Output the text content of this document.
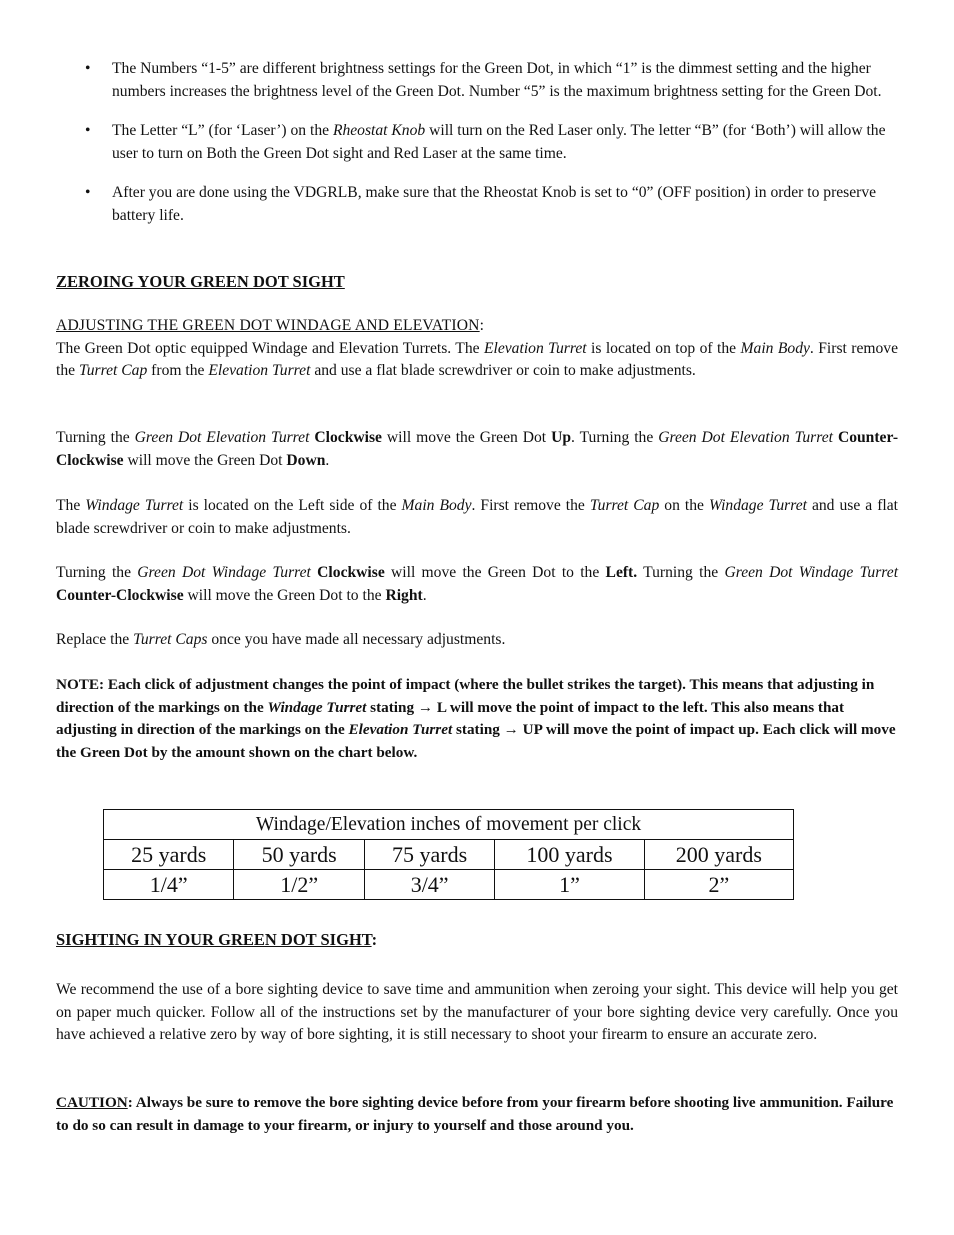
• The Numbers “1-5” are different brightness settings for the Green Dot, in which “1” is the dimmest setting and the higher numbers increases the brightness level of the Green Dot. Number “5” is the maximum brightness setting for the Green Dot.
• The Letter “L” (for ‘Laser’) on the Rheostat Knob will turn on the Red Laser only. The letter “B” (for ‘Both’) will allow the user to turn on Both the Green Dot sight and Red Laser at the same time.
• After you are done using the VDGRLB, make sure that the Rheostat Knob is set to “0” (OFF position) in order to preserve battery life.
ZEROING YOUR GREEN DOT SIGHT
ADJUSTING THE GREEN DOT WINDAGE AND ELEVATION:
The Green Dot optic equipped Windage and Elevation Turrets. The Elevation Turret is located on top of the Main Body. First remove the Turret Cap from the Elevation Turret and use a flat blade screwdriver or coin to make adjustments.
Turning the Green Dot Elevation Turret Clockwise will move the Green Dot Up. Turning the Green Dot Elevation Turret Counter-Clockwise will move the Green Dot Down.
The Windage Turret is located on the Left side of the Main Body. First remove the Turret Cap on the Windage Turret and use a flat blade screwdriver or coin to make adjustments.
Turning the Green Dot Windage Turret Clockwise will move the Green Dot to the Left. Turning the Green Dot Windage Turret Counter-Clockwise will move the Green Dot to the Right.
Replace the Turret Caps once you have made all necessary adjustments.
NOTE: Each click of adjustment changes the point of impact (where the bullet strikes the target). This means that adjusting in direction of the markings on the Windage Turret stating → L will move the point of impact to the left. This also means that adjusting in direction of the markings on the Elevation Turret stating → UP will move the point of impact up. Each click will move the Green Dot by the amount shown on the chart below.
Windage/Elevation inches of movement per click				
25 yards	50 yards	75 yards	100 yards	200 yards
1/4”	1/2”	3/4”	1”	2”
SIGHTING IN YOUR GREEN DOT SIGHT:
We recommend the use of a bore sighting device to save time and ammunition when zeroing your sight. This device will help you get on paper much quicker. Follow all of the instructions set by the manufacturer of your bore sighting device very carefully. Once you have achieved a relative zero by way of bore sighting, it is still necessary to shoot your firearm to ensure an accurate zero.
CAUTION: Always be sure to remove the bore sighting device before from your firearm before shooting live ammunition. Failure to do so can result in damage to your firearm, or injury to yourself and those around you.
